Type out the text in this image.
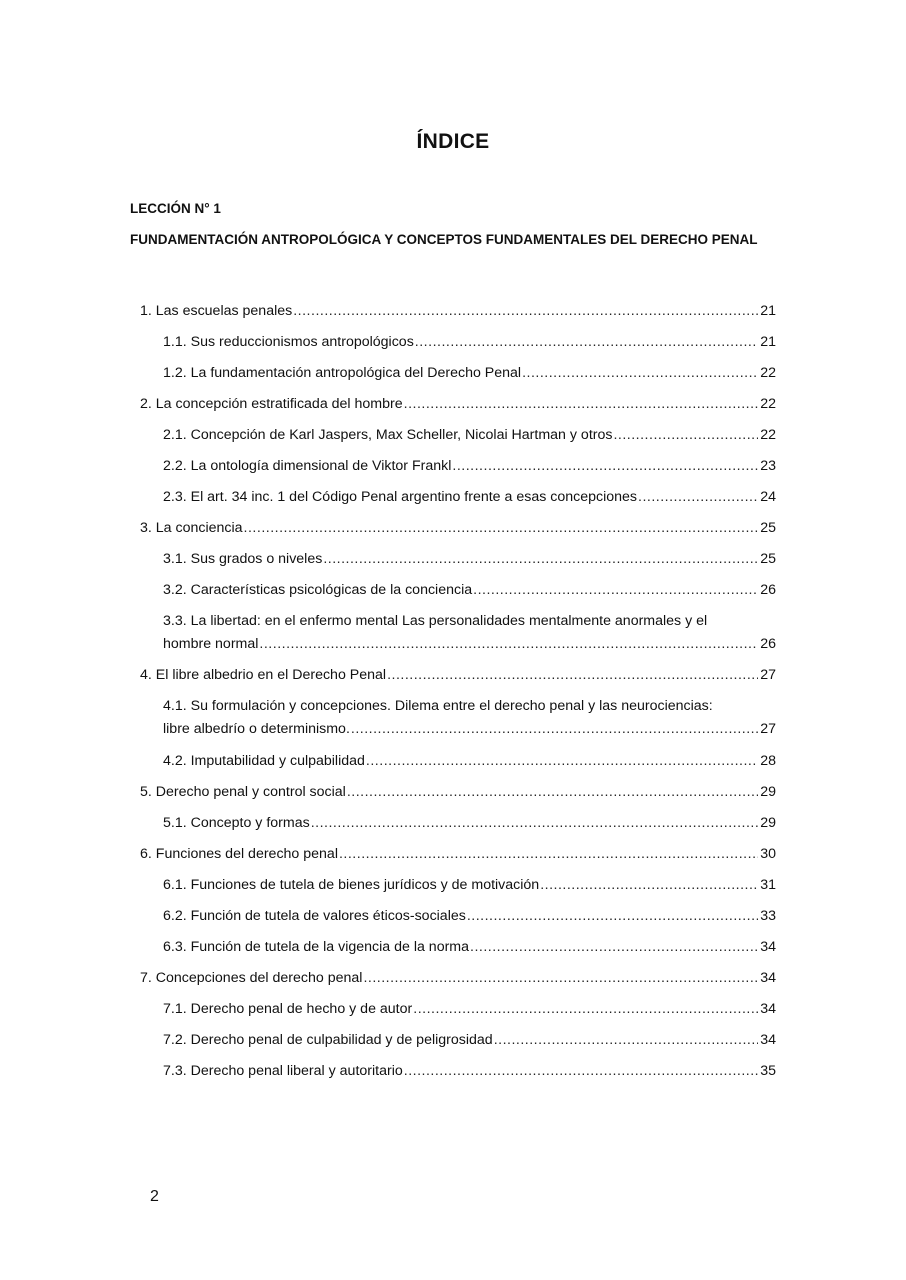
ÍNDICE
LECCIÓN N° 1
FUNDAMENTACIÓN ANTROPOLÓGICA Y CONCEPTOS FUNDAMENTALES DEL DERECHO PENAL
1. Las escuelas penales .....	21
1.1. Sus reduccionismos antropológicos .....	21
1.2. La fundamentación antropológica del Derecho Penal .....	22
2. La concepción estratificada del hombre .....	22
2.1. Concepción de Karl Jaspers, Max Scheller, Nicolai Hartman y otros .....	22
2.2. La ontología dimensional de Viktor Frankl .....	23
2.3. El art. 34 inc. 1 del Código Penal argentino frente a esas concepciones .....	24
3. La conciencia .....	25
3.1. Sus grados o niveles .....	25
3.2. Características psicológicas de la conciencia .....	26
3.3. La libertad: en el enfermo mental Las personalidades mentalmente anormales y el
hombre normal .....	26
4. El libre albedrio en el Derecho Penal .....	27
4.1. Su formulación y concepciones. Dilema entre el derecho penal y las neurociencias:
libre albedrío o determinismo. .....	27
4.2. Imputabilidad y culpabilidad .....	28
5. Derecho penal y control social .....	29
5.1. Concepto y formas .....	29
6. Funciones del derecho penal .....	30
6.1. Funciones de tutela de bienes jurídicos y de motivación .....	31
6.2. Función de tutela de valores éticos-sociales .....	33
6.3. Función de tutela de la vigencia de la norma .....	34
7. Concepciones del derecho penal .....	34
7.1. Derecho penal de hecho y de autor .....	34
7.2. Derecho penal de culpabilidad y de peligrosidad .....	34
7.3. Derecho penal liberal y autoritario .....	35
2
